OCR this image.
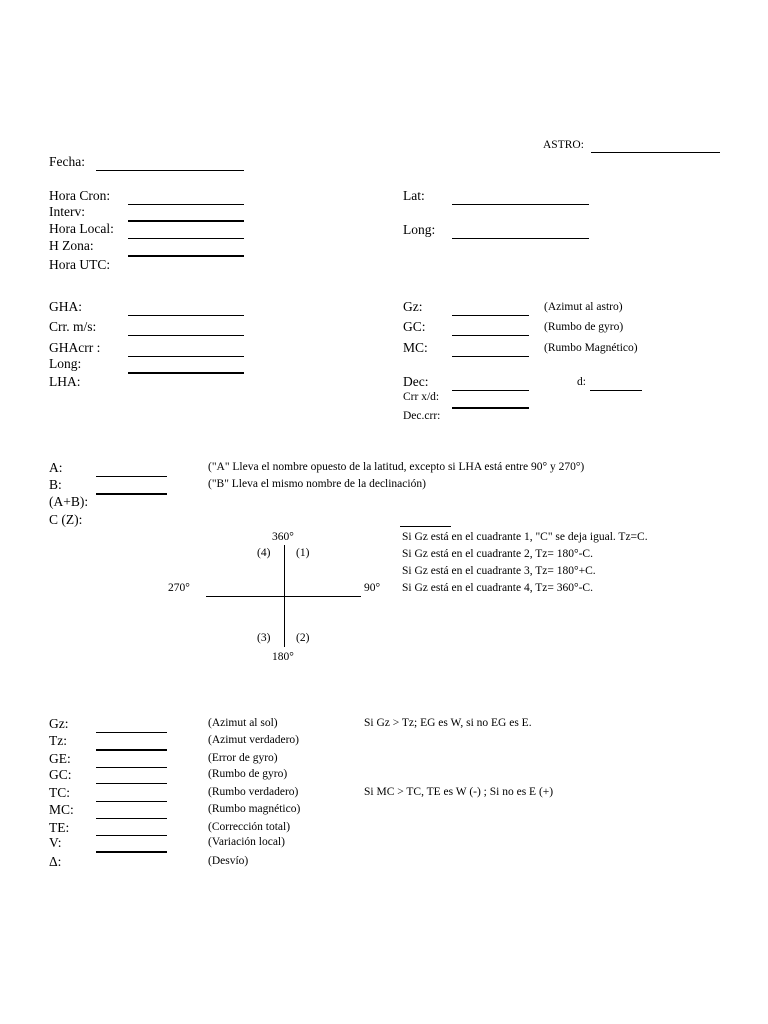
ASTRO:
Fecha:
Hora Cron:
Interv:
Hora Local:
H Zona:
Hora UTC:
Lat:
Long:
GHA:
Crr. m/s:
GHAcrr :
Long:
LHA:
Gz:	(Azimut al astro)
GC:	(Rumbo de gyro)
MC:	(Rumbo Magnético)
Dec:	d:
Crr x/d:
Dec.crr:
A:	("A" Lleva el nombre opuesto de la latitud, excepto si LHA está entre 90° y 270°)
B:	("B" Lleva el mismo nombre de la declinación)
(A+B):
C (Z):
360°
(4) (1)
270°	90°
(3) (2)
180°
Si Gz está en el cuadrante 1, "C" se deja igual. Tz=C.
Si Gz está en el cuadrante 2, Tz= 180°-C.
Si Gz está en el cuadrante 3, Tz= 180°+C.
Si Gz está en el cuadrante 4, Tz= 360°-C.
Gz:	(Azimut al sol)	Si Gz > Tz; EG es W, si no EG es E.
Tz:	(Azimut verdadero)
GE:	(Error de gyro)
GC:	(Rumbo de gyro)
TC:	(Rumbo verdadero)	Si MC > TC, TE es W (-) ; Si no es E (+)
MC:	(Rumbo magnético)
TE:	(Corrección total)
V:	(Variación local)
Δ:	(Desvío)
